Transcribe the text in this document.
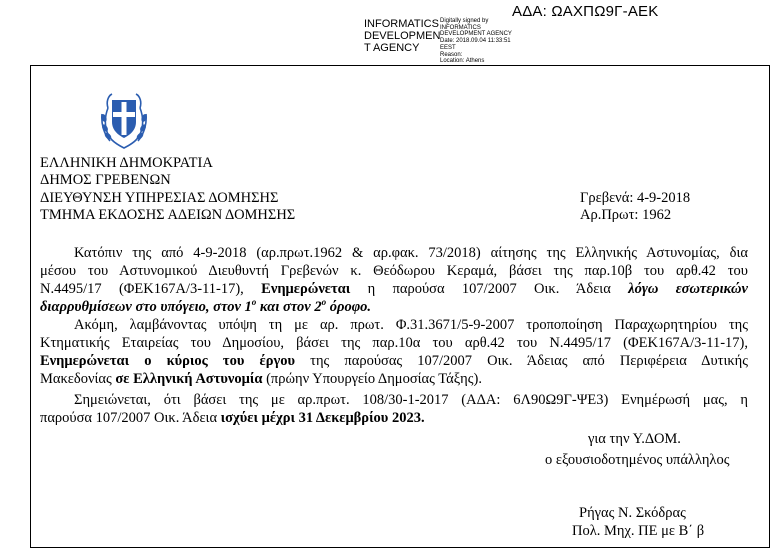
ΑΔΑ: ΩΑΧΠΩ9Γ-ΑΕΚ
INFORMATICS
DEVELOPMEN
T AGENCY
Digitally signed by
INFORMATICS
DEVELOPMENT AGENCY
Date: 2018.09.04 11:33:51
EEST
Reason:
Location: Athens
ΕΛΛΗΝΙΚΗ ΔΗΜΟΚΡΑΤΙΑ
ΔΗΜΟΣ ΓΡΕΒΕΝΩΝ
ΔΙΕΥΘΥΝΣΗ ΥΠΗΡΕΣΙΑΣ ΔΟΜΗΣΗΣ
ΤΜΗΜΑ ΕΚΔΟΣΗΣ ΑΔΕΙΩΝ ΔΟΜΗΣΗΣ
Γρεβενά: 4-9-2018
Αρ.Πρωτ: 1962
Κατόπιν της από 4-9-2018 (αρ.πρωτ.1962 & αρ.φακ. 73/2018) αίτησης της Ελληνικής Αστυνομίας, δια
μέσου του Αστυνομικού Διευθυντή Γρεβενών κ. Θεόδωρου Κεραμά, βάσει της παρ.10β του αρθ.42 του
Ν.4495/17 (ΦΕΚ167Α/3-11-17), Ενημερώνεται η παρούσα 107/2007 Οικ. Άδεια λόγω εσωτερικών
διαρρυθμίσεων στο υπόγειο, στον $1^o$ και στον $2^o$ όροφο.
Ακόμη, λαμβάνοντας υπόψη τη με αρ. πρωτ. Φ.31.3671/5-9-2007 τροποποίηση Παραχωρητηρίου της
Κτηματικής Εταιρείας του Δημοσίου, βάσει της παρ.10α του αρθ.42 του Ν.4495/17 (ΦΕΚ167Α/3-11-17),
Ενημερώνεται ο κύριος του έργου της παρούσας 107/2007 Οικ. Άδειας από Περιφέρεια Δυτικής
Μακεδονίας σε Ελληνική Αστυνομία (πρώην Υπουργείο Δημοσίας Τάξης).
Σημειώνεται, ότι βάσει της με αρ.πρωτ. 108/30-1-2017 (ΑΔΑ: 6Λ90Ω9Γ-ΨΕ3) Ενημέρωσή μας, η
παρούσα 107/2007 Οικ. Άδεια ισχύει μέχρι 31 Δεκεμβρίου 2023.
για την Υ.ΔΟΜ.
ο εξουσιοδοτημένος υπάλληλος
Ρήγας Ν. Σκόδρας
Πολ. Μηχ. ΠΕ με Β΄ β
